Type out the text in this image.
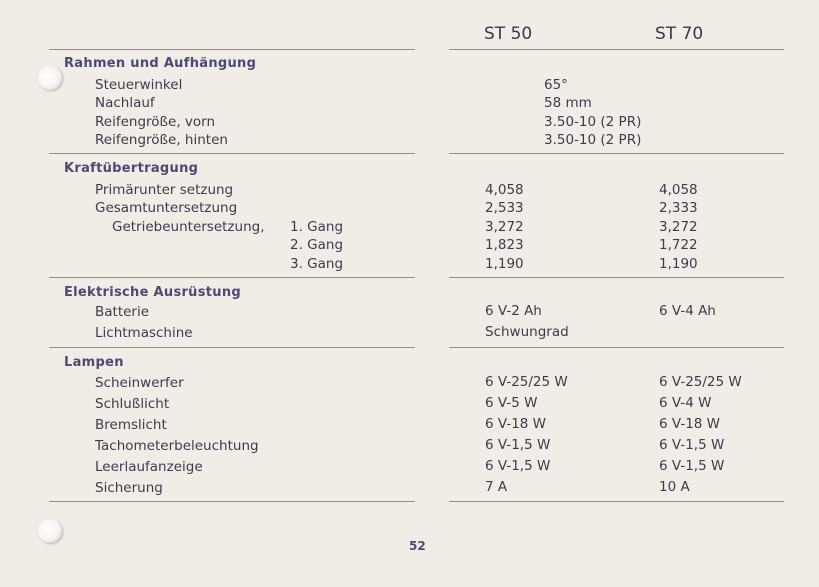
ST 50	ST 70
Rahmen und Aufhängung
Steuerwinkel	65°
Nachlauf	58 mm
Reifengröße, vorn	3.50-10 (2 PR)
Reifengröße, hinten	3.50-10 (2 PR)
Kraftübertragung
Primärunter setzung	4,058	4,058
Gesamtuntersetzung	2,533	2,333
Getriebeuntersetzung, 1. Gang	3,272	3,272
2. Gang	1,823	1,722
3. Gang	1,190	1,190
Elektrische Ausrüstung
Batterie	6 V-2 Ah	6 V-4 Ah
Lichtmaschine	Schwungrad
Lampen
Scheinwerfer	6 V-25/25 W	6 V-25/25 W
Schlußlicht	6 V-5 W	6 V-4 W
Bremslicht	6 V-18 W	6 V-18 W
Tachometerbeleuchtung	6 V-1,5 W	6 V-1,5 W
Leerlaufanzeige	6 V-1,5 W	6 V-1,5 W
Sicherung	7 A	10 A
52
